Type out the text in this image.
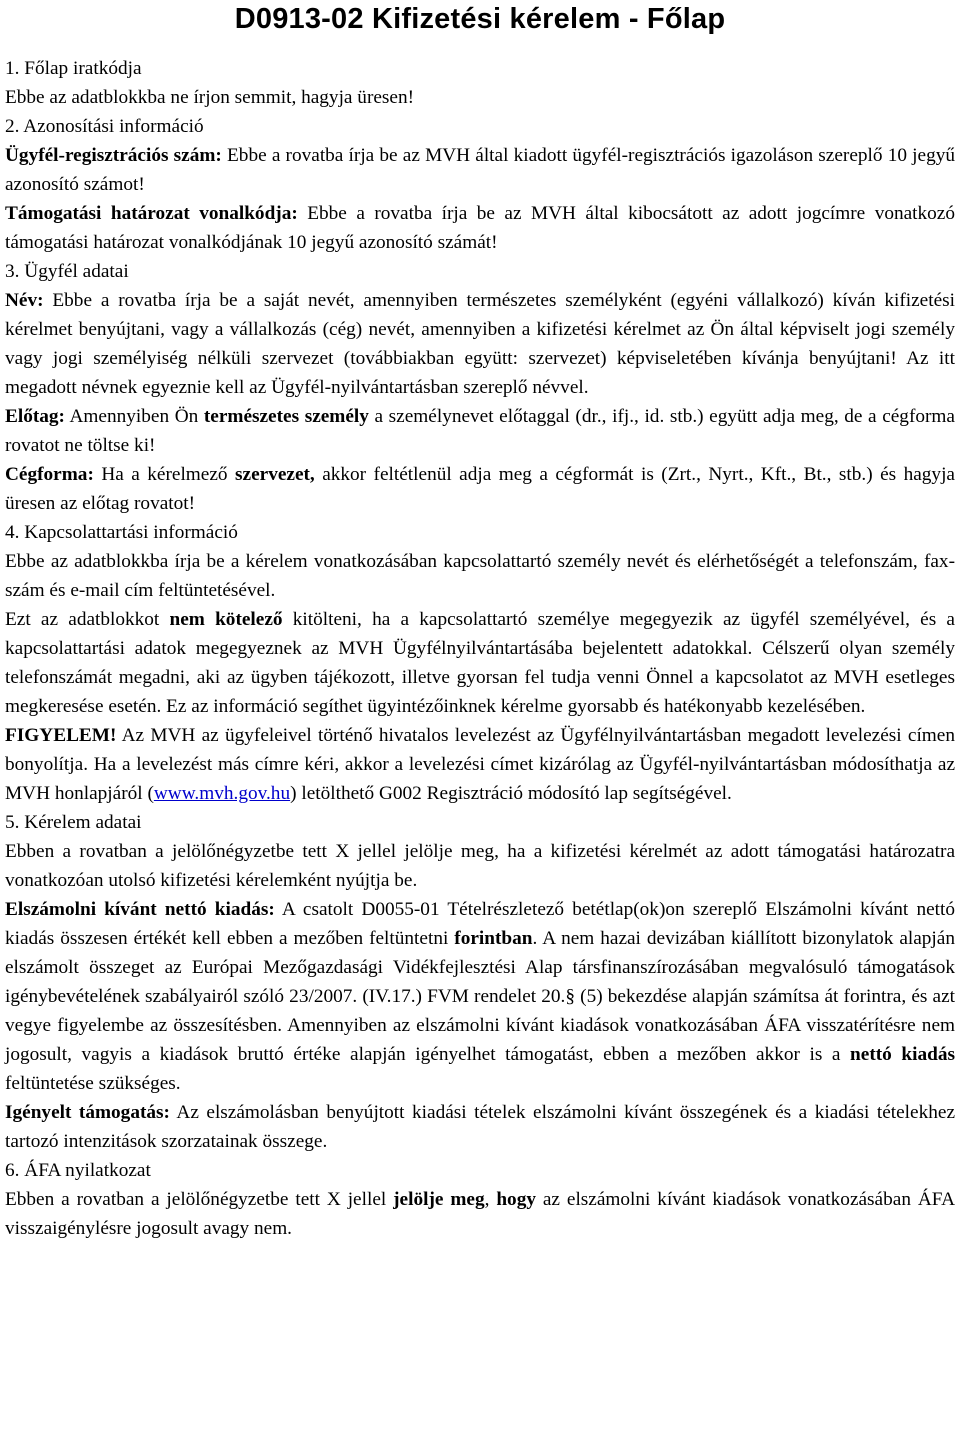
D0913-02 Kifizetési kérelem - Főlap

1. Főlap iratkódja

Ebbe az adatblokkba ne írjon semmit, hagyja üresen!

2. Azonosítási információ

Ügyfél-regisztrációs szám: Ebbe a rovatba írja be az MVH által kiadott ügyfél-regisztrációs igazoláson szereplő 10 jegyű azonosító számot!

Támogatási határozat vonalkódja: Ebbe a rovatba írja be az MVH által kibocsátott az adott jogcímre vonatkozó támogatási határozat vonalkódjának 10 jegyű azonosító számát!

3. Ügyfél adatai

Név: Ebbe a rovatba írja be a saját nevét, amennyiben természetes személyként (egyéni vállalkozó) kíván kifizetési kérelmet benyújtani, vagy a vállalkozás (cég) nevét, amennyiben a kifizetési kérelmet az Ön által képviselt jogi személy vagy jogi személyiség nélküli szervezet (továbbiakban együtt: szervezet) képviseletében kívánja benyújtani! Az itt megadott névnek egyeznie kell az Ügyfél-nyilvántartásban szereplő névvel.

Előtag: Amennyiben Ön természetes személy a személynevet előtaggal (dr., ifj., id. stb.) együtt adja meg, de a cégforma rovatot ne töltse ki!

Cégforma: Ha a kérelmező szervezet, akkor feltétlenül adja meg a cégformát is (Zrt., Nyrt., Kft., Bt., stb.) és hagyja üresen az előtag rovatot!

4. Kapcsolattartási információ

Ebbe az adatblokkba írja be a kérelem vonatkozásában kapcsolattartó személy nevét és elérhetőségét a telefonszám, fax-szám és e-mail cím feltüntetésével.

Ezt az adatblokkot nem kötelező kitölteni, ha a kapcsolattartó személye megegyezik az ügyfél személyével, és a kapcsolattartási adatok megegyeznek az MVH Ügyfélnyilvántartásába bejelentett adatokkal. Célszerű olyan személy telefonszámát megadni, aki az ügyben tájékozott, illetve gyorsan fel tudja venni Önnel a kapcsolatot az MVH esetleges megkeresése esetén. Ez az információ segíthet ügyintézőinknek kérelme gyorsabb és hatékonyabb kezelésében.

FIGYELEM! Az MVH az ügyfeleivel történő hivatalos levelezést az Ügyfélnyilvántartásban megadott levelezési címen bonyolítja. Ha a levelezést más címre kéri, akkor a levelezési címet kizárólag az Ügyfél-nyilvántartásban módosíthatja az MVH honlapjáról (www.mvh.gov.hu) letölthető G002 Regisztráció módosító lap segítségével.

5. Kérelem adatai

Ebben a rovatban a jelölőnégyzetbe tett X jellel jelölje meg, ha a kifizetési kérelmét az adott támogatási határozatra vonatkozóan utolsó kifizetési kérelemként nyújtja be.

Elszámolni kívánt nettó kiadás: A csatolt D0055-01 Tételrészletező betétlap(ok)on szereplő Elszámolni kívánt nettó kiadás összesen értékét kell ebben a mezőben feltüntetni forintban. A nem hazai devizában kiállított bizonylatok alapján elszámolt összeget az Európai Mezőgazdasági Vidékfejlesztési Alap társfinanszírozásában megvalósuló támogatások igénybevételének szabályairól szóló 23/2007. (IV.17.) FVM rendelet 20.§ (5) bekezdése alapján számítsa át forintra, és azt vegye figyelembe az összesítésben. Amennyiben az elszámolni kívánt kiadások vonatkozásában ÁFA visszatérítésre nem jogosult, vagyis a kiadások bruttó értéke alapján igényelhet támogatást, ebben a mezőben akkor is a nettó kiadás feltüntetése szükséges.

Igényelt támogatás: Az elszámolásban benyújtott kiadási tételek elszámolni kívánt összegének és a kiadási tételekhez tartozó intenzitások szorzatainak összege.

6. ÁFA nyilatkozat

Ebben a rovatban a jelölőnégyzetbe tett X jellel jelölje meg, hogy az elszámolni kívánt kiadások vonatkozásában ÁFA visszaigénylésre jogosult avagy nem.
